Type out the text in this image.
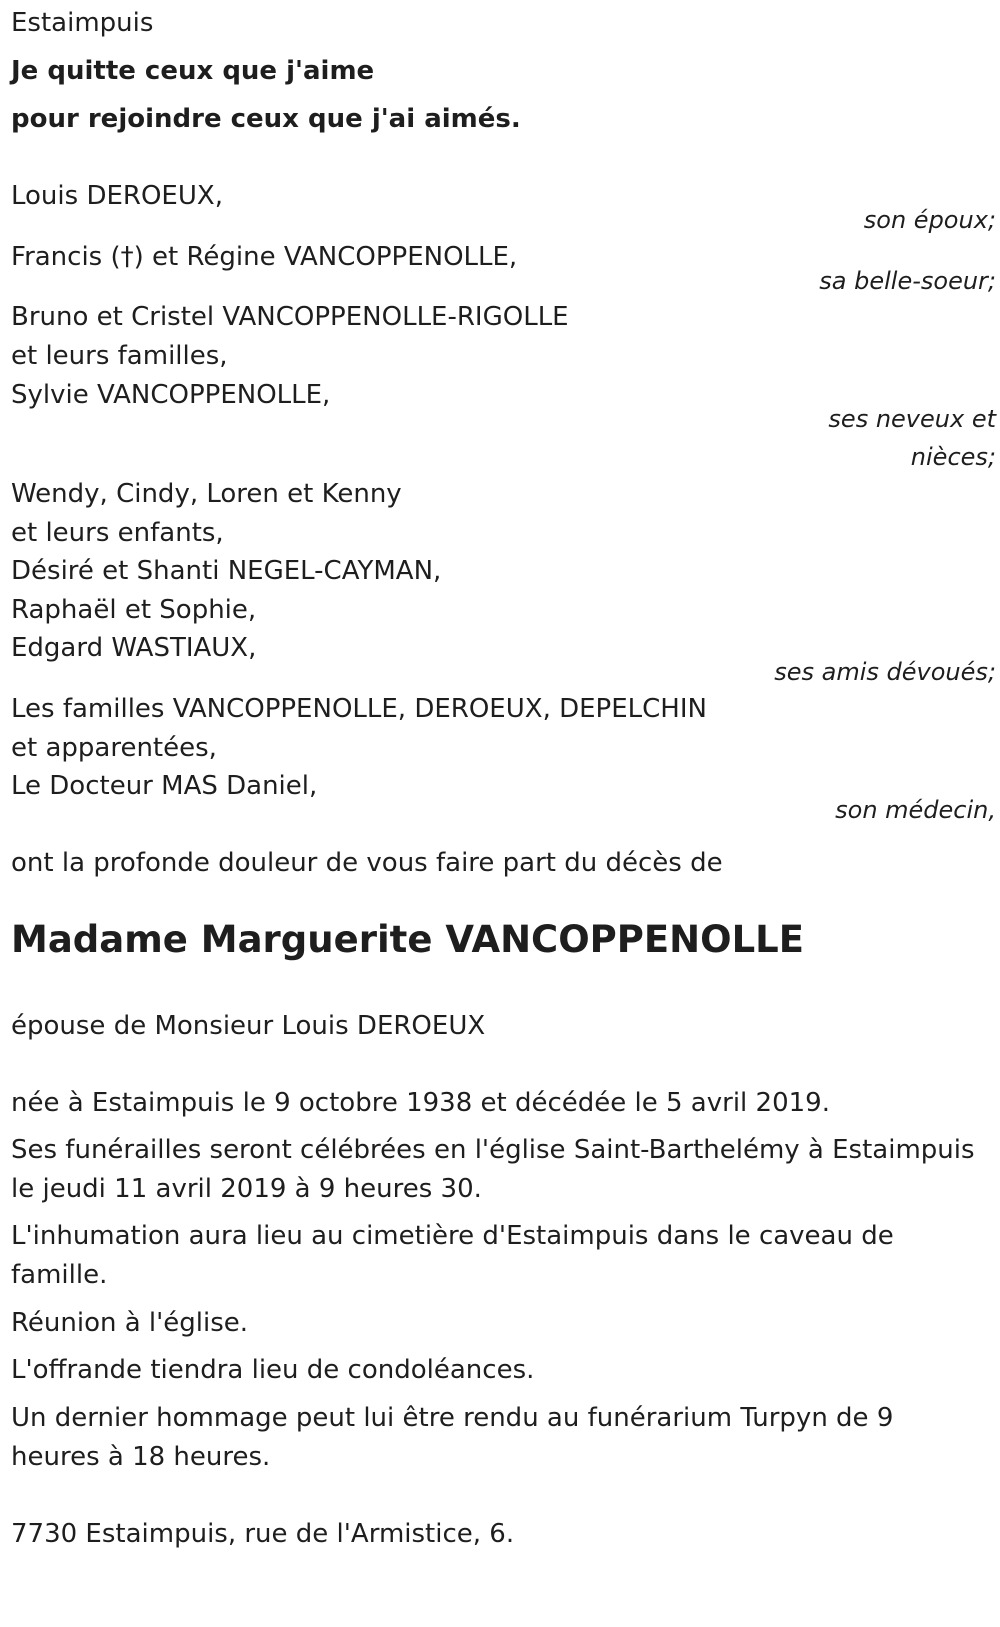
Estaimpuis
Je quitte ceux que j'aime
pour rejoindre ceux que j'ai aimés.
Louis DEROEUX,
son époux;
Francis (†) et Régine VANCOPPENOLLE,
sa belle-soeur;
Bruno et Cristel VANCOPPENOLLE-RIGOLLE
et leurs familles,
Sylvie VANCOPPENOLLE,
ses neveux et
nièces;
Wendy, Cindy, Loren et Kenny
et leurs enfants,
Désiré et Shanti NEGEL-CAYMAN,
Raphaël et Sophie,
Edgard WASTIAUX,
ses amis dévoués;
Les familles VANCOPPENOLLE, DEROEUX, DEPELCHIN
et apparentées,
Le Docteur MAS Daniel,
son médecin,
ont la profonde douleur de vous faire part du décès de
Madame Marguerite VANCOPPENOLLE
épouse de Monsieur Louis DEROEUX
née à Estaimpuis le 9 octobre 1938 et décédée le 5 avril 2019.
Ses funérailles seront célébrées en l'église Saint-Barthelémy à Estaimpuis
le jeudi 11 avril 2019 à 9 heures 30.
L'inhumation aura lieu au cimetière d'Estaimpuis dans le caveau de
famille.
Réunion à l'église.
L'offrande tiendra lieu de condoléances.
Un dernier hommage peut lui être rendu au funérarium Turpyn de 9
heures à 18 heures.
7730 Estaimpuis, rue de l'Armistice, 6.
